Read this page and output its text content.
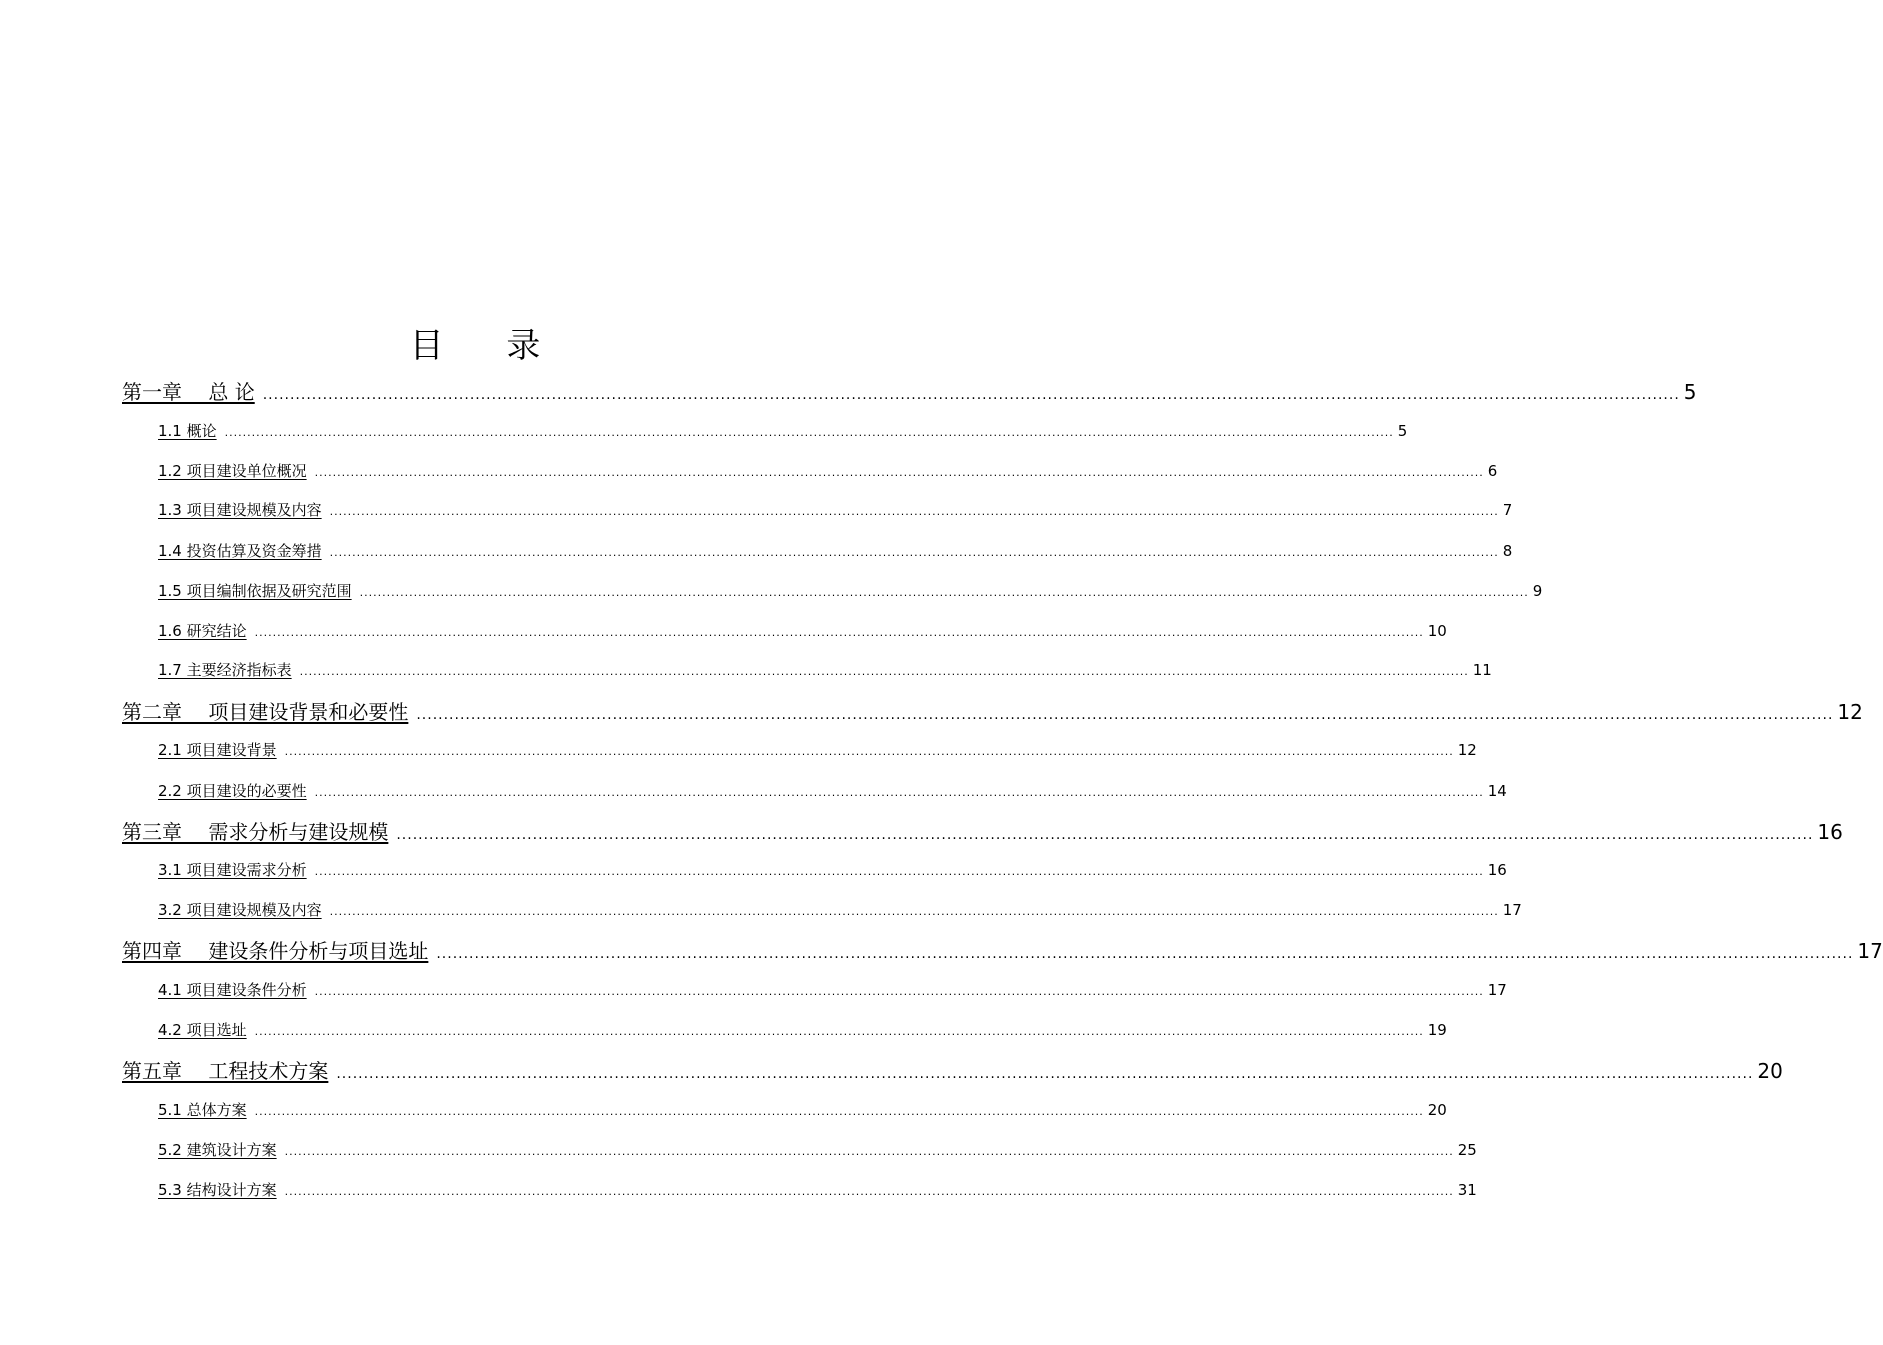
目 录
第一章　 总 论 .................................................................................................................................................................................................................................................................... 5
1.1 概论 .................................................................................................................................................................................................................................................................... 5
1.2 项目建设单位概况 .................................................................................................................................................................................................................................................................... 6
1.3 项目建设规模及内容 .................................................................................................................................................................................................................................................................... 7
1.4 投资估算及资金筹措 .................................................................................................................................................................................................................................................................... 8
1.5 项目编制依据及研究范围 .................................................................................................................................................................................................................................................................... 9
1.6 研究结论 .................................................................................................................................................................................................................................................................... 10
1.7 主要经济指标表 .................................................................................................................................................................................................................................................................... 11
第二章　 项目建设背景和必要性 .................................................................................................................................................................................................................................................................... 12
2.1 项目建设背景 .................................................................................................................................................................................................................................................................... 12
2.2 项目建设的必要性 .................................................................................................................................................................................................................................................................... 14
第三章　 需求分析与建设规模 .................................................................................................................................................................................................................................................................... 16
3.1 项目建设需求分析 .................................................................................................................................................................................................................................................................... 16
3.2 项目建设规模及内容 .................................................................................................................................................................................................................................................................... 17
第四章　 建设条件分析与项目选址 .................................................................................................................................................................................................................................................................... 17
4.1 项目建设条件分析 .................................................................................................................................................................................................................................................................... 17
4.2 项目选址 .................................................................................................................................................................................................................................................................... 19
第五章　 工程技术方案 .................................................................................................................................................................................................................................................................... 20
5.1 总体方案 .................................................................................................................................................................................................................................................................... 20
5.2 建筑设计方案 .................................................................................................................................................................................................................................................................... 25
5.3 结构设计方案 .................................................................................................................................................................................................................................................................... 31
